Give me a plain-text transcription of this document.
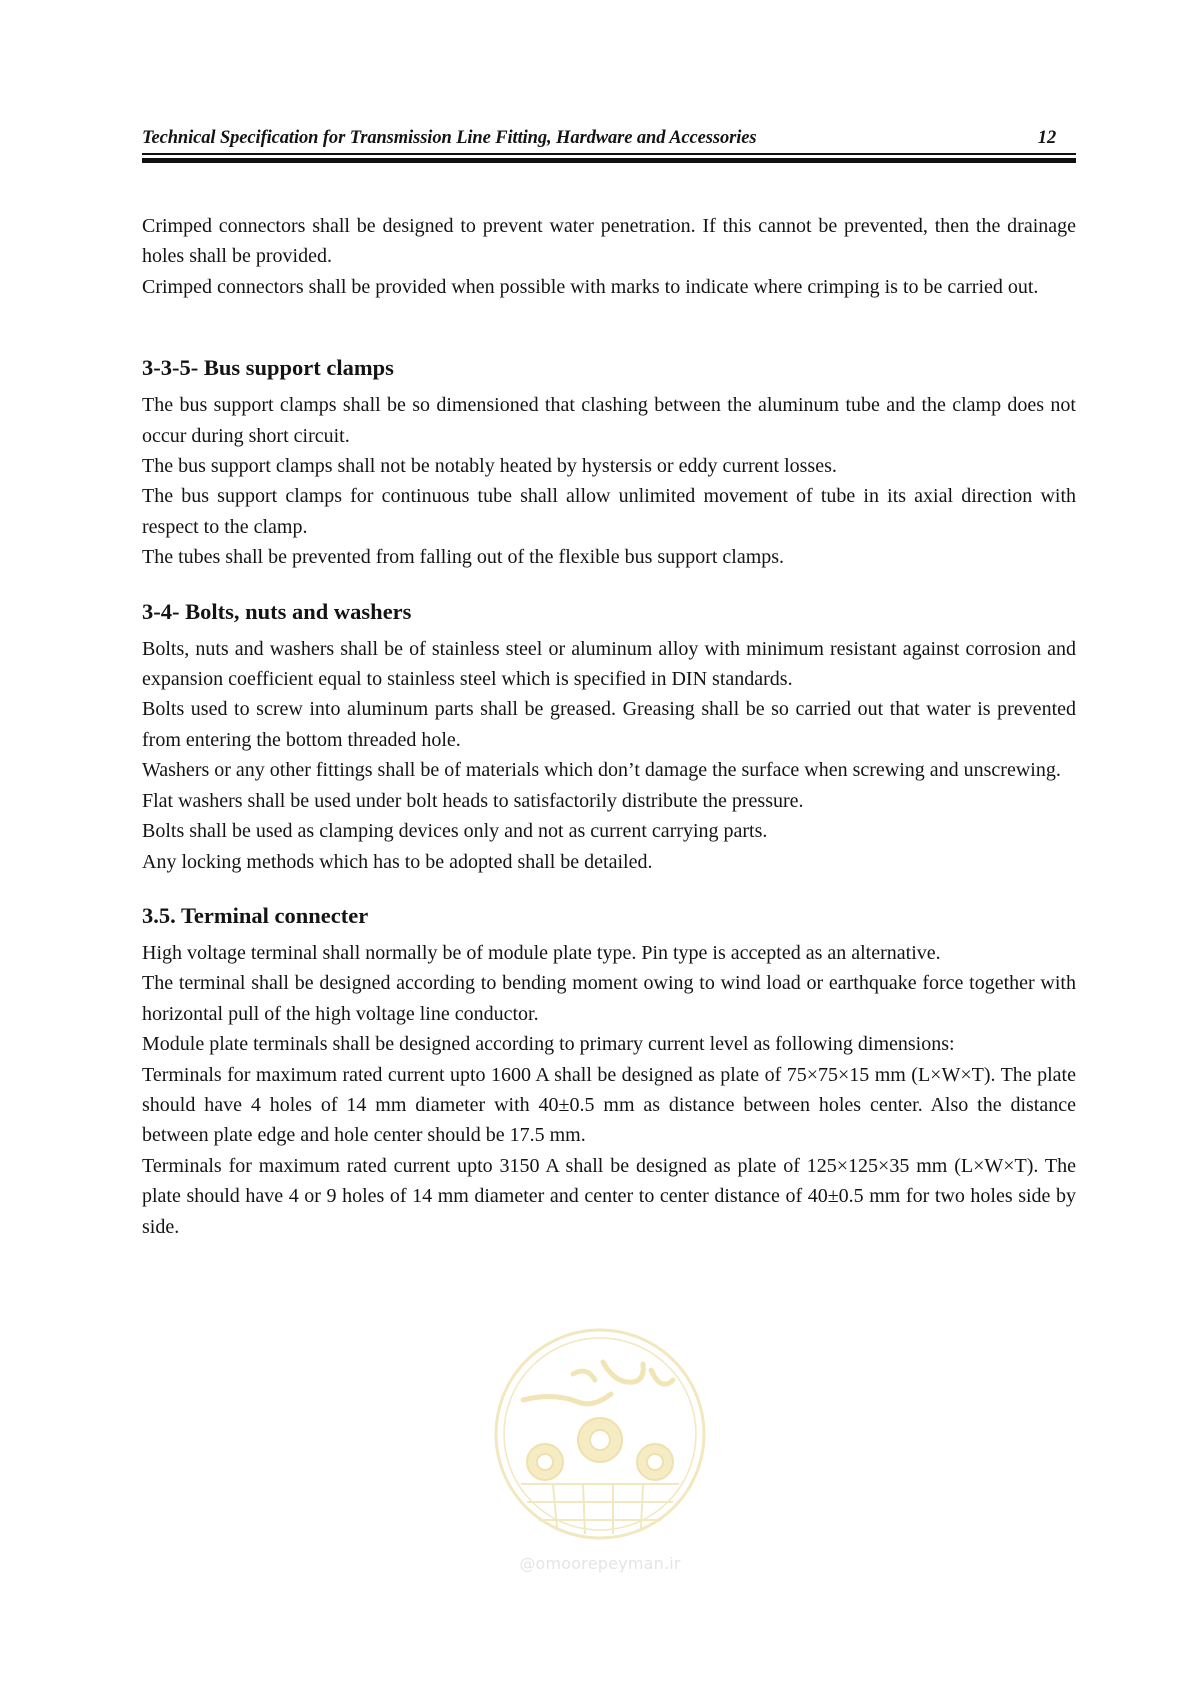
Technical Specification for Transmission Line Fitting, Hardware and Accessories	12

Crimped connectors shall be designed to prevent water penetration. If this cannot be prevented, then the drainage holes shall be provided.

Crimped connectors shall be provided when possible with marks to indicate where crimping is to be carried out.

3-3-5- Bus support clamps

The bus support clamps shall be so dimensioned that clashing between the aluminum tube and the clamp does not occur during short circuit.

The bus support clamps shall not be notably heated by hystersis or eddy current losses.

The bus support clamps for continuous tube shall allow unlimited movement of tube in its axial direction with respect to the clamp.

The tubes shall be prevented from falling out of the flexible bus support clamps.

3-4- Bolts, nuts and washers

Bolts, nuts and washers shall be of stainless steel or aluminum alloy with minimum resistant against corrosion and expansion coefficient equal to stainless steel which is specified in DIN standards.

Bolts used to screw into aluminum parts shall be greased. Greasing shall be so carried out that water is prevented from entering the bottom threaded hole.

Washers or any other fittings shall be of materials which don’t damage the surface when screwing and unscrewing.

Flat washers shall be used under bolt heads to satisfactorily distribute the pressure.

Bolts shall be used as clamping devices only and not as current carrying parts.

Any locking methods which has to be adopted shall be detailed.

3.5. Terminal connecter

High voltage terminal shall normally be of module plate type. Pin type is accepted as an alternative.

The terminal shall be designed according to bending moment owing to wind load or earthquake force together with horizontal pull of the high voltage line conductor.

Module plate terminals shall be designed according to primary current level as following dimensions:

Terminals for maximum rated current upto 1600 A shall be designed as plate of 75×75×15 mm (L×W×T). The plate should have 4 holes of 14 mm diameter with 40±0.5 mm as distance between holes center. Also the distance between plate edge and hole center should be 17.5 mm.

Terminals for maximum rated current upto 3150 A shall be designed as plate of 125×125×35 mm (L×W×T). The plate should have 4 or 9 holes of 14 mm diameter and center to center distance of 40±0.5 mm for two holes side by side.

@omoorepeyman.ir
